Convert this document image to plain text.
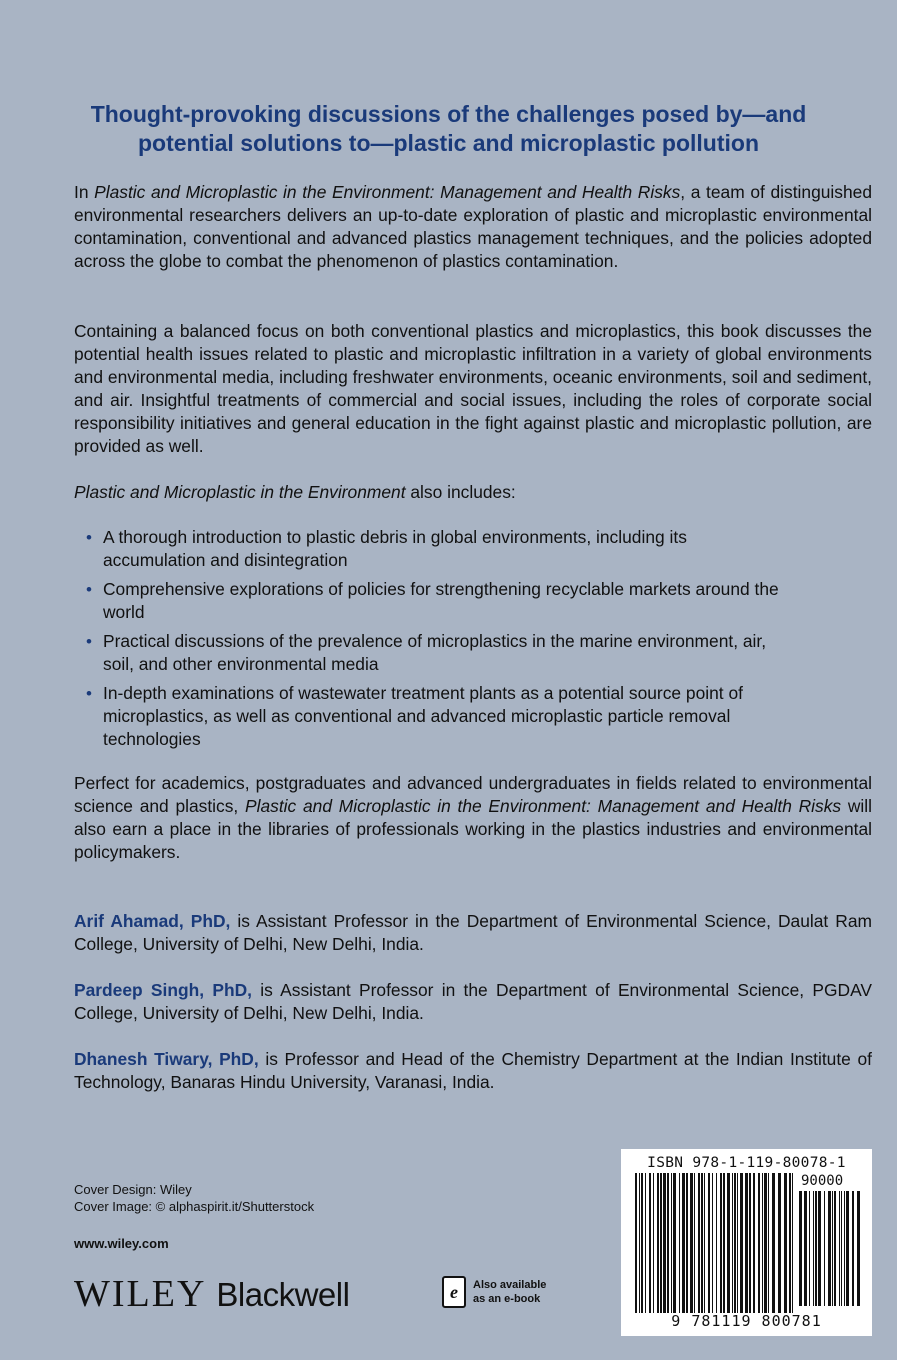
Thought-provoking discussions of the challenges posed by—and
potential solutions to—plastic and microplastic pollution
In Plastic and Microplastic in the Environment: Management and Health Risks, a team of distinguished environmental researchers delivers an up-to-date exploration of plastic and microplastic environmental contamination, conventional and advanced plastics management techniques, and the policies adopted across the globe to combat the phenomenon of plastics contamination.
Containing a balanced focus on both conventional plastics and microplastics, this book discusses the potential health issues related to plastic and microplastic infiltration in a variety of global environments and environmental media, including freshwater environments, oceanic environments, soil and sediment, and air. Insightful treatments of commercial and social issues, including the roles of corporate social responsibility initiatives and general education in the fight against plastic and microplastic pollution, are provided as well.
Plastic and Microplastic in the Environment also includes:
• A thorough introduction to plastic debris in global environments, including its accumulation and disintegration
• Comprehensive explorations of policies for strengthening recyclable markets around the world
• Practical discussions of the prevalence of microplastics in the marine environment, air, soil, and other environmental media
• In-depth examinations of wastewater treatment plants as a potential source point of microplastics, as well as conventional and advanced microplastic particle removal technologies
Perfect for academics, postgraduates and advanced undergraduates in fields related to environmental science and plastics, Plastic and Microplastic in the Environment: Management and Health Risks will also earn a place in the libraries of professionals working in the plastics industries and environmental policymakers.
Arif Ahamad, PhD, is Assistant Professor in the Department of Environmental Science, Daulat Ram College, University of Delhi, New Delhi, India.
Pardeep Singh, PhD, is Assistant Professor in the Department of Environmental Science, PGDAV College, University of Delhi, New Delhi, India.
Dhanesh Tiwary, PhD, is Professor and Head of the Chemistry Department at the Indian Institute of Technology, Banaras Hindu University, Varanasi, India.
Cover Design: Wiley
Cover Image: © alphaspirit.it/Shutterstock
www.wiley.com
WILEY Blackwell	e	Also available
as an e-book
ISBN 978-1-119-80078-1
90000
9 781119 800781
